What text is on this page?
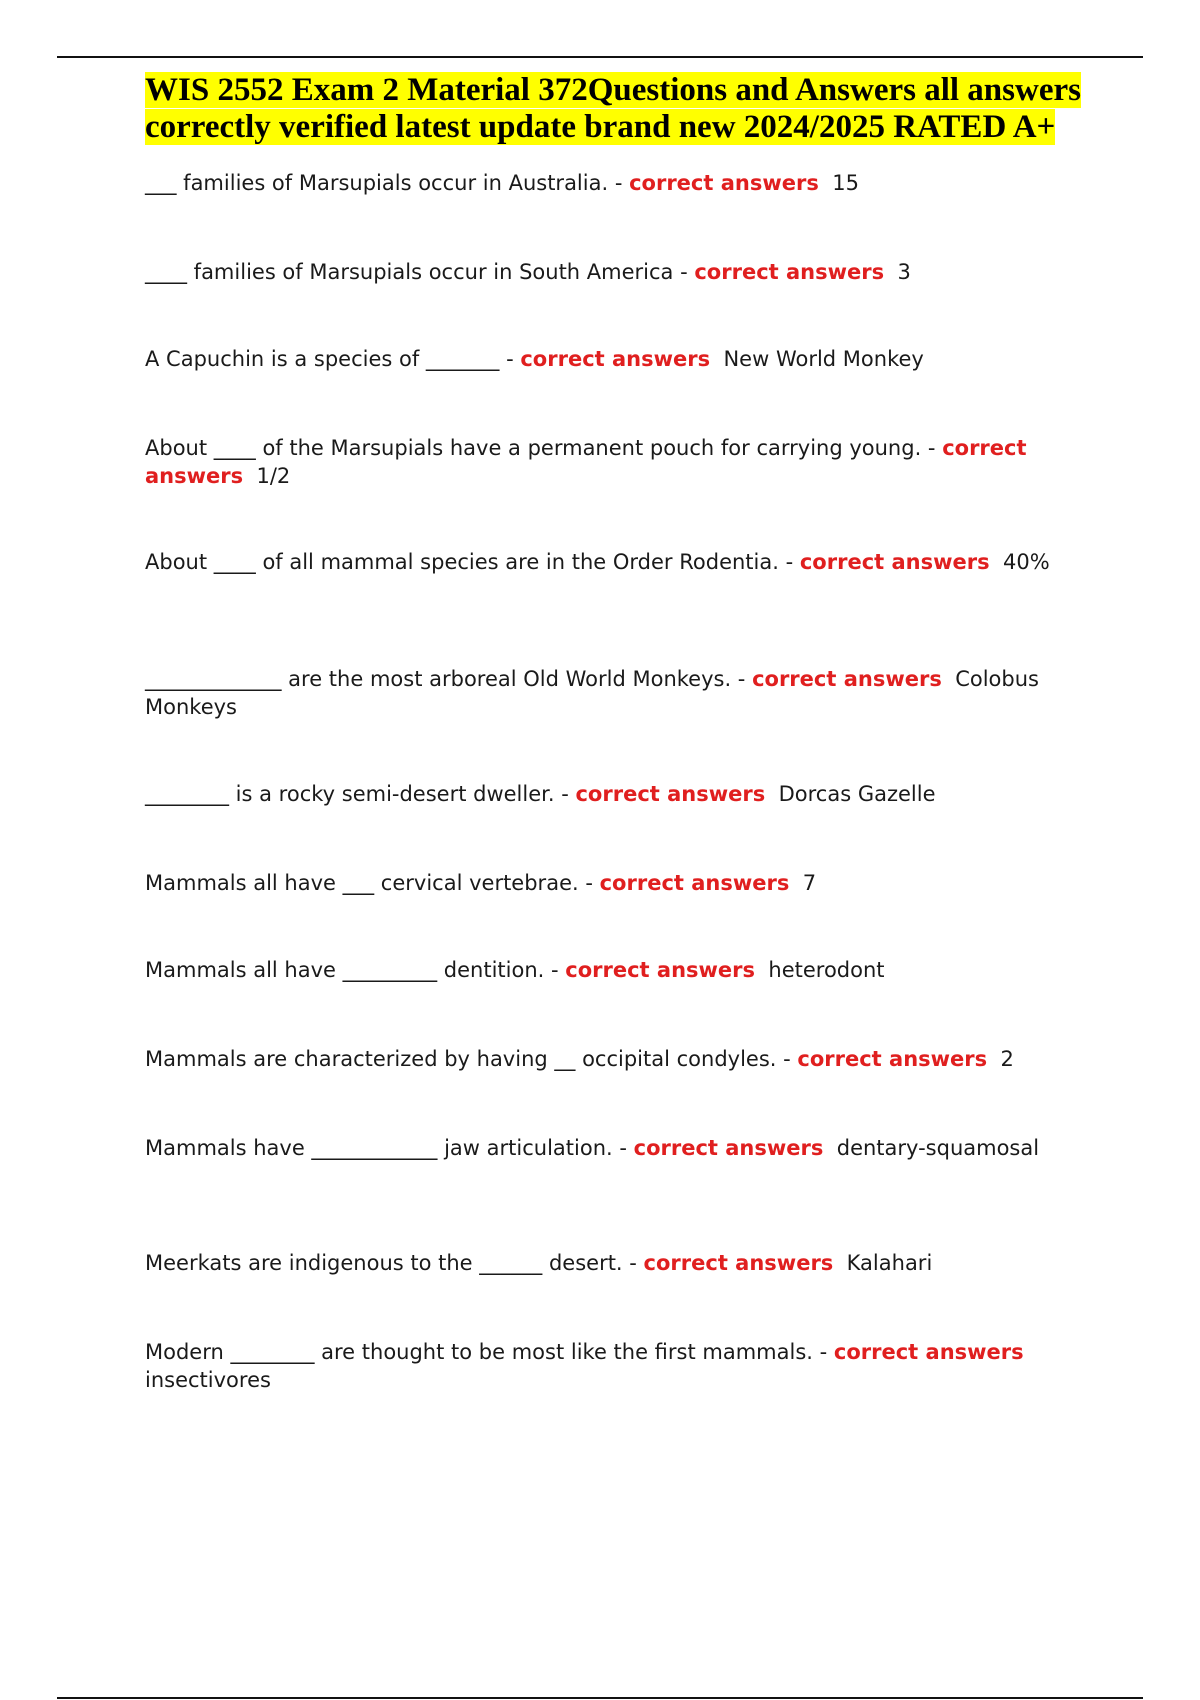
WIS 2552 Exam 2 Material 372Questions and Answers all answers correctly verified latest update brand new 2024/2025 RATED A+

___ families of Marsupials occur in Australia. - correct answers 15

____ families of Marsupials occur in South America - correct answers 3

A Capuchin is a species of _______ - correct answers New World Monkey

About ____ of the Marsupials have a permanent pouch for carrying young. - correct answers 1/2

About ____ of all mammal species are in the Order Rodentia. - correct answers 40%

_____________ are the most arboreal Old World Monkeys. - correct answers Colobus Monkeys

________ is a rocky semi-desert dweller. - correct answers Dorcas Gazelle

Mammals all have ___ cervical vertebrae. - correct answers 7

Mammals all have _________ dentition. - correct answers heterodont

Mammals are characterized by having __ occipital condyles. - correct answers 2

Mammals have ____________ jaw articulation. - correct answers dentary-squamosal

Meerkats are indigenous to the ______ desert. - correct answers Kalahari

Modern ________ are thought to be most like the first mammals. - correct answers  insectivores
